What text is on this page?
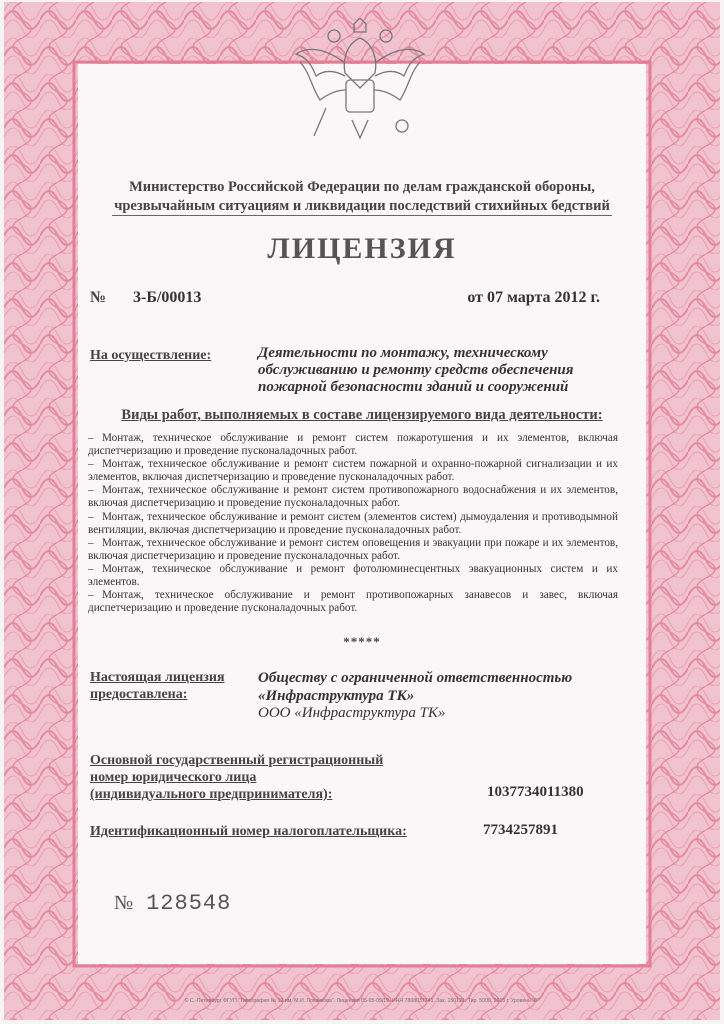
Министерство Российской Федерации по делам гражданской обороны,
чрезвычайным ситуациям и ликвидации последствий стихийных бедствий
ЛИЦЕНЗИЯ
№ 3-Б/00013	от 07 марта 2012 г.
На осуществление:	Деятельности по монтажу, техническому
обслуживанию и ремонту средств обеспечения
пожарной безопасности зданий и сооружений
Виды работ, выполняемых в составе лицензируемого вида деятельности:

– Монтаж, техническое обслуживание и ремонт систем пожаротушения и их элементов, включая диспетчеризацию и проведение пусконаладочных работ.

– Монтаж, техническое обслуживание и ремонт систем пожарной и охранно-пожарной сигнализации и их элементов, включая диспетчеризацию и проведение пусконаладочных работ.

– Монтаж, техническое обслуживание и ремонт систем противопожарного водоснабжения и их элементов, включая диспетчеризацию и проведение пусконаладочных работ.

– Монтаж, техническое обслуживание и ремонт систем (элементов систем) дымоудаления и противодымной вентиляции, включая диспетчеризацию и проведение пусконаладочных работ.

– Монтаж, техническое обслуживание и ремонт систем оповещения и эвакуации при пожаре и их элементов, включая диспетчеризацию и проведение пусконаладочных работ.

– Монтаж, техническое обслуживание и ремонт фотолюминесцентных эвакуационных систем и их элементов.

– Монтаж, техническое обслуживание и ремонт противопожарных занавесов и завес, включая диспетчеризацию и проведение пусконаладочных работ.

*****
Настоящая лицензия
предоставлена:
Обществу с ограниченной ответственностью
«Инфраструктура ТК»
ООО «Инфраструктура ТК»
Основной государственный регистрационный
номер юридического лица
(индивидуального предпринимателя):	1037734011380
Идентификационный номер налогоплательщика:	7734257891
№ 128548
© С.-Петербург ФГУП "Типография № 12 им. М.И. Лоханкова". Лицензия 05-05-09/19. ИНН 7808037741. Зак. 150121. Тир. 5000. 2015 г. Уровень "Б"
